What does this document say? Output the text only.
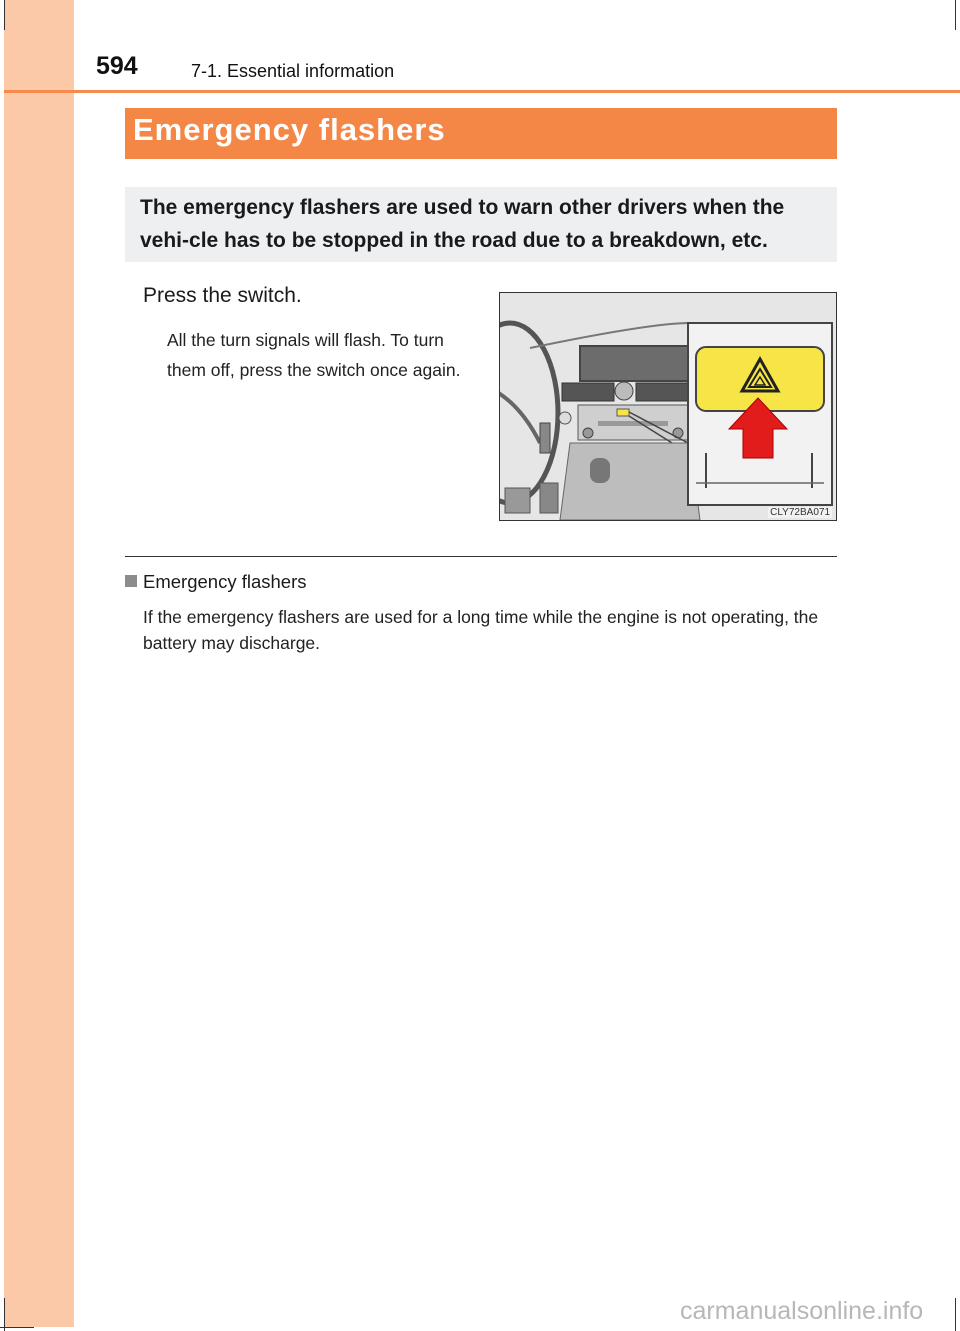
594	7-1. Essential information
Emergency flashers
The emergency flashers are used to warn other drivers when the vehi-cle has to be stopped in the road due to a breakdown, etc.
Press the switch.
All the turn signals will flash. To turn them off, press the switch once again.
CLY72BA071
Emergency flashers
If the emergency flashers are used for a long time while the engine is not operating, the battery may discharge.
carmanualsonline.info
